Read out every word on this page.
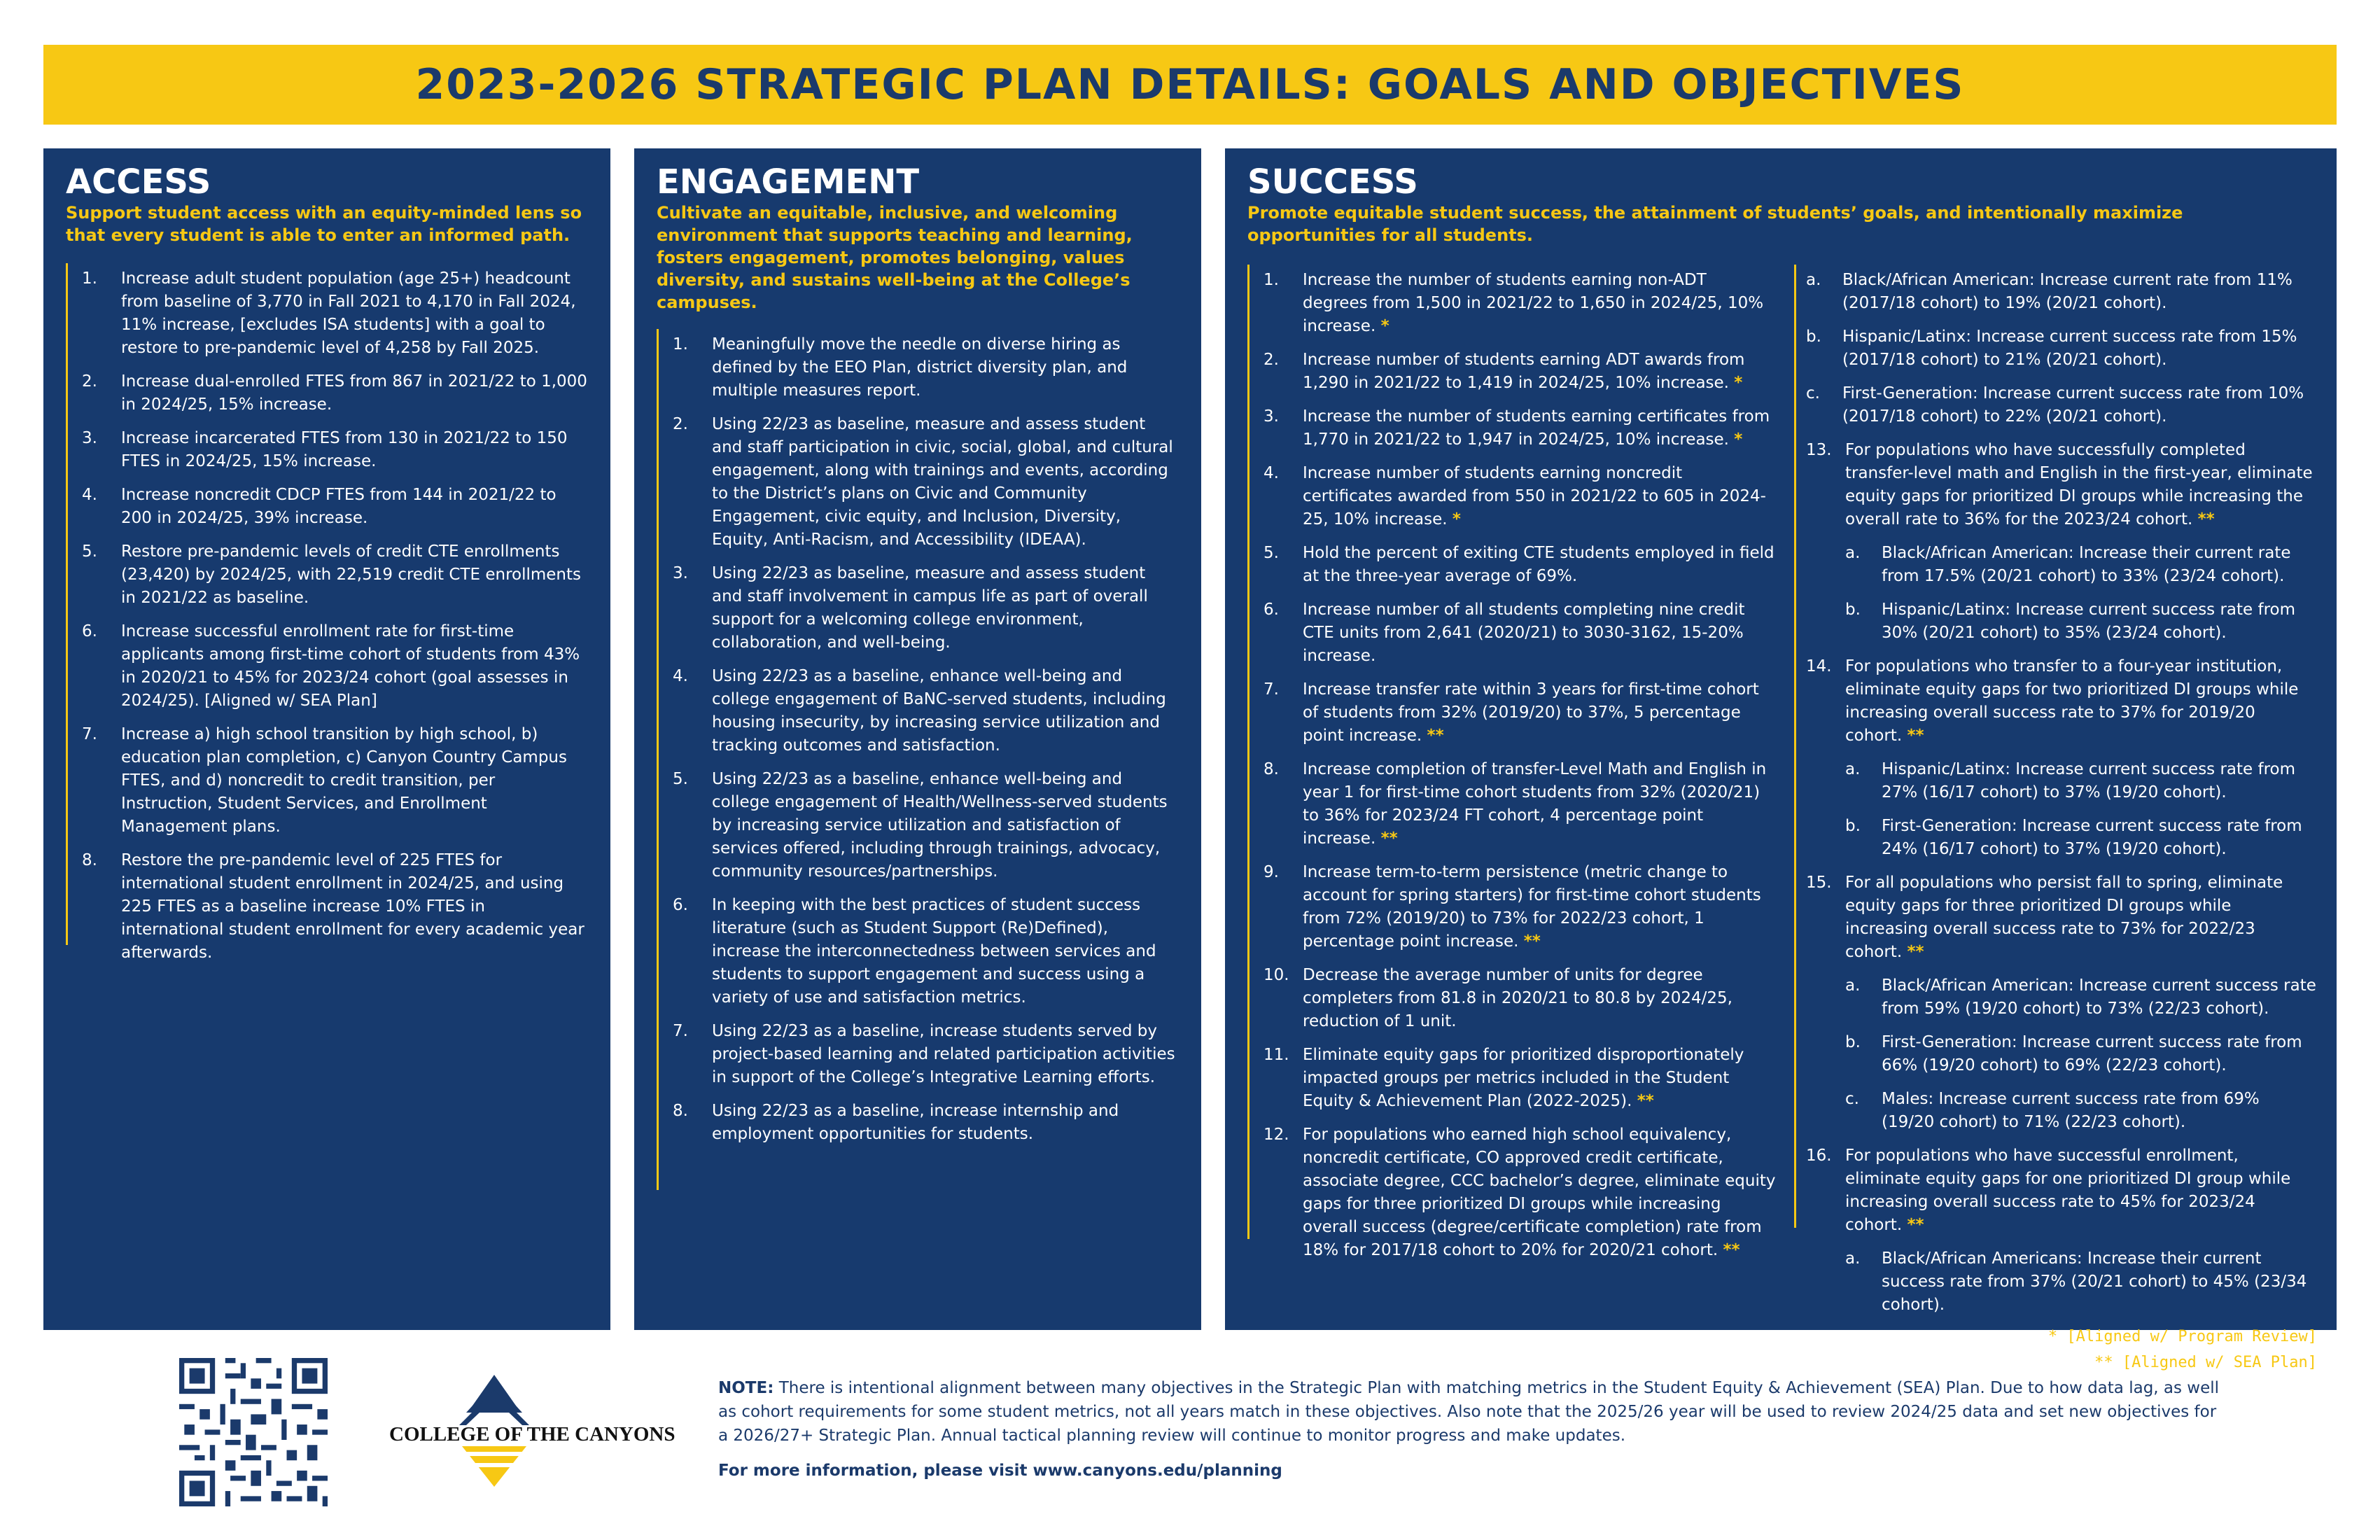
2023-2026 STRATEGIC PLAN DETAILS: GOALS AND OBJECTIVES
ACCESS

Support student access with an equity-minded lens so that every student is able to enter an informed path.

1. Increase adult student population (age 25+) headcount from baseline of 3,770 in Fall 2021 to 4,170 in Fall 2024, 11% increase, [excludes ISA students] with a goal to restore to pre-pandemic level of 4,258 by Fall 2025.
2. Increase dual-enrolled FTES from 867 in 2021/22 to 1,000 in 2024/25, 15% increase.
3. Increase incarcerated FTES from 130 in 2021/22 to 150 FTES in 2024/25, 15% increase.
4. Increase noncredit CDCP FTES from 144 in 2021/22 to 200 in 2024/25, 39% increase.
5. Restore pre-pandemic levels of credit CTE enrollments (23,420) by 2024/25, with 22,519 credit CTE enrollments in 2021/22 as baseline.
6. Increase successful enrollment rate for first-time applicants among first-time cohort of students from 43% in 2020/21 to 45% for 2023/24 cohort (goal assesses in 2024/25). [Aligned w/ SEA Plan]
7. Increase a) high school transition by high school, b) education plan completion, c) Canyon Country Campus FTES, and d) noncredit to credit transition, per Instruction, Student Services, and Enrollment Management plans.
8. Restore the pre-pandemic level of 225 FTES for international student enrollment in 2024/25, and using 225 FTES as a baseline increase 10% FTES in international student enrollment for every academic year afterwards.
ENGAGEMENT

Cultivate an equitable, inclusive, and welcoming environment that supports teaching and learning, fosters engagement, promotes belonging, values diversity, and sustains well-being at the College’s campuses.

1. Meaningfully move the needle on diverse hiring as defined by the EEO Plan, district diversity plan, and multiple measures report.
2. Using 22/23 as baseline, measure and assess student and staff participation in civic, social, global, and cultural engagement, along with trainings and events, according to the District’s plans on Civic and Community Engagement, civic equity, and Inclusion, Diversity, Equity, Anti-Racism, and Accessibility (IDEAA).
3. Using 22/23 as baseline, measure and assess student and staff involvement in campus life as part of overall support for a welcoming college environment, collaboration, and well-being.
4. Using 22/23 as a baseline, enhance well-being and college engagement of BaNC-served students, including housing insecurity, by increasing service utilization and tracking outcomes and satisfaction.
5. Using 22/23 as a baseline, enhance well-being and college engagement of Health/Wellness-served students by increasing service utilization and satisfaction of services offered, including through trainings, advocacy, community resources/partnerships.
6. In keeping with the best practices of student success literature (such as Student Support (Re)Defined), increase the interconnectedness between services and students to support engagement and success using a variety of use and satisfaction metrics.
7. Using 22/23 as a baseline, increase students served by project-based learning and related participation activities in support of the College’s Integrative Learning efforts.
8. Using 22/23 as a baseline, increase internship and employment opportunities for students.
SUCCESS

Promote equitable student success, the attainment of students’ goals, and intentionally maximize opportunities for all students.

1. Increase the number of students earning non-ADT degrees from 1,500 in 2021/22 to 1,650 in 2024/25, 10% increase. *
2. Increase number of students earning ADT awards from 1,290 in 2021/22 to 1,419 in 2024/25, 10% increase. *
3. Increase the number of students earning certificates from 1,770 in 2021/22 to 1,947 in 2024/25, 10% increase. *
4. Increase number of students earning noncredit certificates awarded from 550 in 2021/22 to 605 in 2024-25, 10% increase. *
5. Hold the percent of exiting CTE students employed in field at the three-year average of 69%.
6. Increase number of all students completing nine credit CTE units from 2,641 (2020/21) to 3030-3162, 15-20% increase.
7. Increase transfer rate within 3 years for first-time cohort of students from 32% (2019/20) to 37%, 5 percentage point increase. **
8. Increase completion of transfer-Level Math and English in year 1 for first-time cohort students from 32% (2020/21) to 36% for 2023/24 FT cohort, 4 percentage point increase. **
9. Increase term-to-term persistence (metric change to account for spring starters) for first-time cohort students from 72% (2019/20) to 73% for 2022/23 cohort, 1 percentage point increase. **
10. Decrease the average number of units for degree completers from 81.8 in 2020/21 to 80.8 by 2024/25, reduction of 1 unit.
11. Eliminate equity gaps for prioritized disproportionately impacted groups per metrics included in the Student Equity & Achievement Plan (2022-2025). **
12. For populations who earned high school equivalency, noncredit certificate, CO approved credit certificate, associate degree, CCC bachelor’s degree, eliminate equity gaps for three prioritized DI groups while increasing overall success (degree/certificate completion) rate from 18% for 2017/18 cohort to 20% for 2020/21 cohort. **
a. Black/African American: Increase current rate from 11% (2017/18 cohort) to 19% (20/21 cohort).
b. Hispanic/Latinx: Increase current success rate from 15% (2017/18 cohort) to 21% (20/21 cohort).
c. First-Generation: Increase current success rate from 10% (2017/18 cohort) to 22% (20/21 cohort).
13. For populations who have successfully completed transfer-level math and English in the first-year, eliminate equity gaps for prioritized DI groups while increasing the overall rate to 36% for the 2023/24 cohort. **
a. Black/African American: Increase their current rate from 17.5% (20/21 cohort) to 33% (23/24 cohort).
b. Hispanic/Latinx: Increase current success rate from 30% (20/21 cohort) to 35% (23/24 cohort).
14. For populations who transfer to a four-year institution, eliminate equity gaps for two prioritized DI groups while increasing overall success rate to 37% for 2019/20 cohort. **
a. Hispanic/Latinx: Increase current success rate from 27% (16/17 cohort) to 37% (19/20 cohort).
b. First-Generation: Increase current success rate from 24% (16/17 cohort) to 37% (19/20 cohort).
15. For all populations who persist fall to spring, eliminate equity gaps for three prioritized DI groups while increasing overall success rate to 73% for 2022/23 cohort. **
a. Black/African American: Increase current success rate from 59% (19/20 cohort) to 73% (22/23 cohort).
b. First-Generation: Increase current success rate from 66% (19/20 cohort) to 69% (22/23 cohort).
c. Males: Increase current success rate from 69% (19/20 cohort) to 71% (22/23 cohort).
16. For populations who have successful enrollment, eliminate equity gaps for one prioritized DI group while increasing overall success rate to 45% for 2023/24 cohort. **
a. Black/African Americans: Increase their current success rate from 37% (20/21 cohort) to 45% (23/34 cohort).
* [Aligned w/ Program Review]
** [Aligned w/ SEA Plan]
COLLEGE OF THE CANYONS
NOTE: There is intentional alignment between many objectives in the Strategic Plan with matching metrics in the Student Equity & Achievement (SEA) Plan. Due to how data lag, as well as cohort requirements for some student metrics, not all years match in these objectives. Also note that the 2025/26 year will be used to review 2024/25 data and set new objectives for a 2026/27+ Strategic Plan. Annual tactical planning review will continue to monitor progress and make updates.
For more information, please visit www.canyons.edu/planning
